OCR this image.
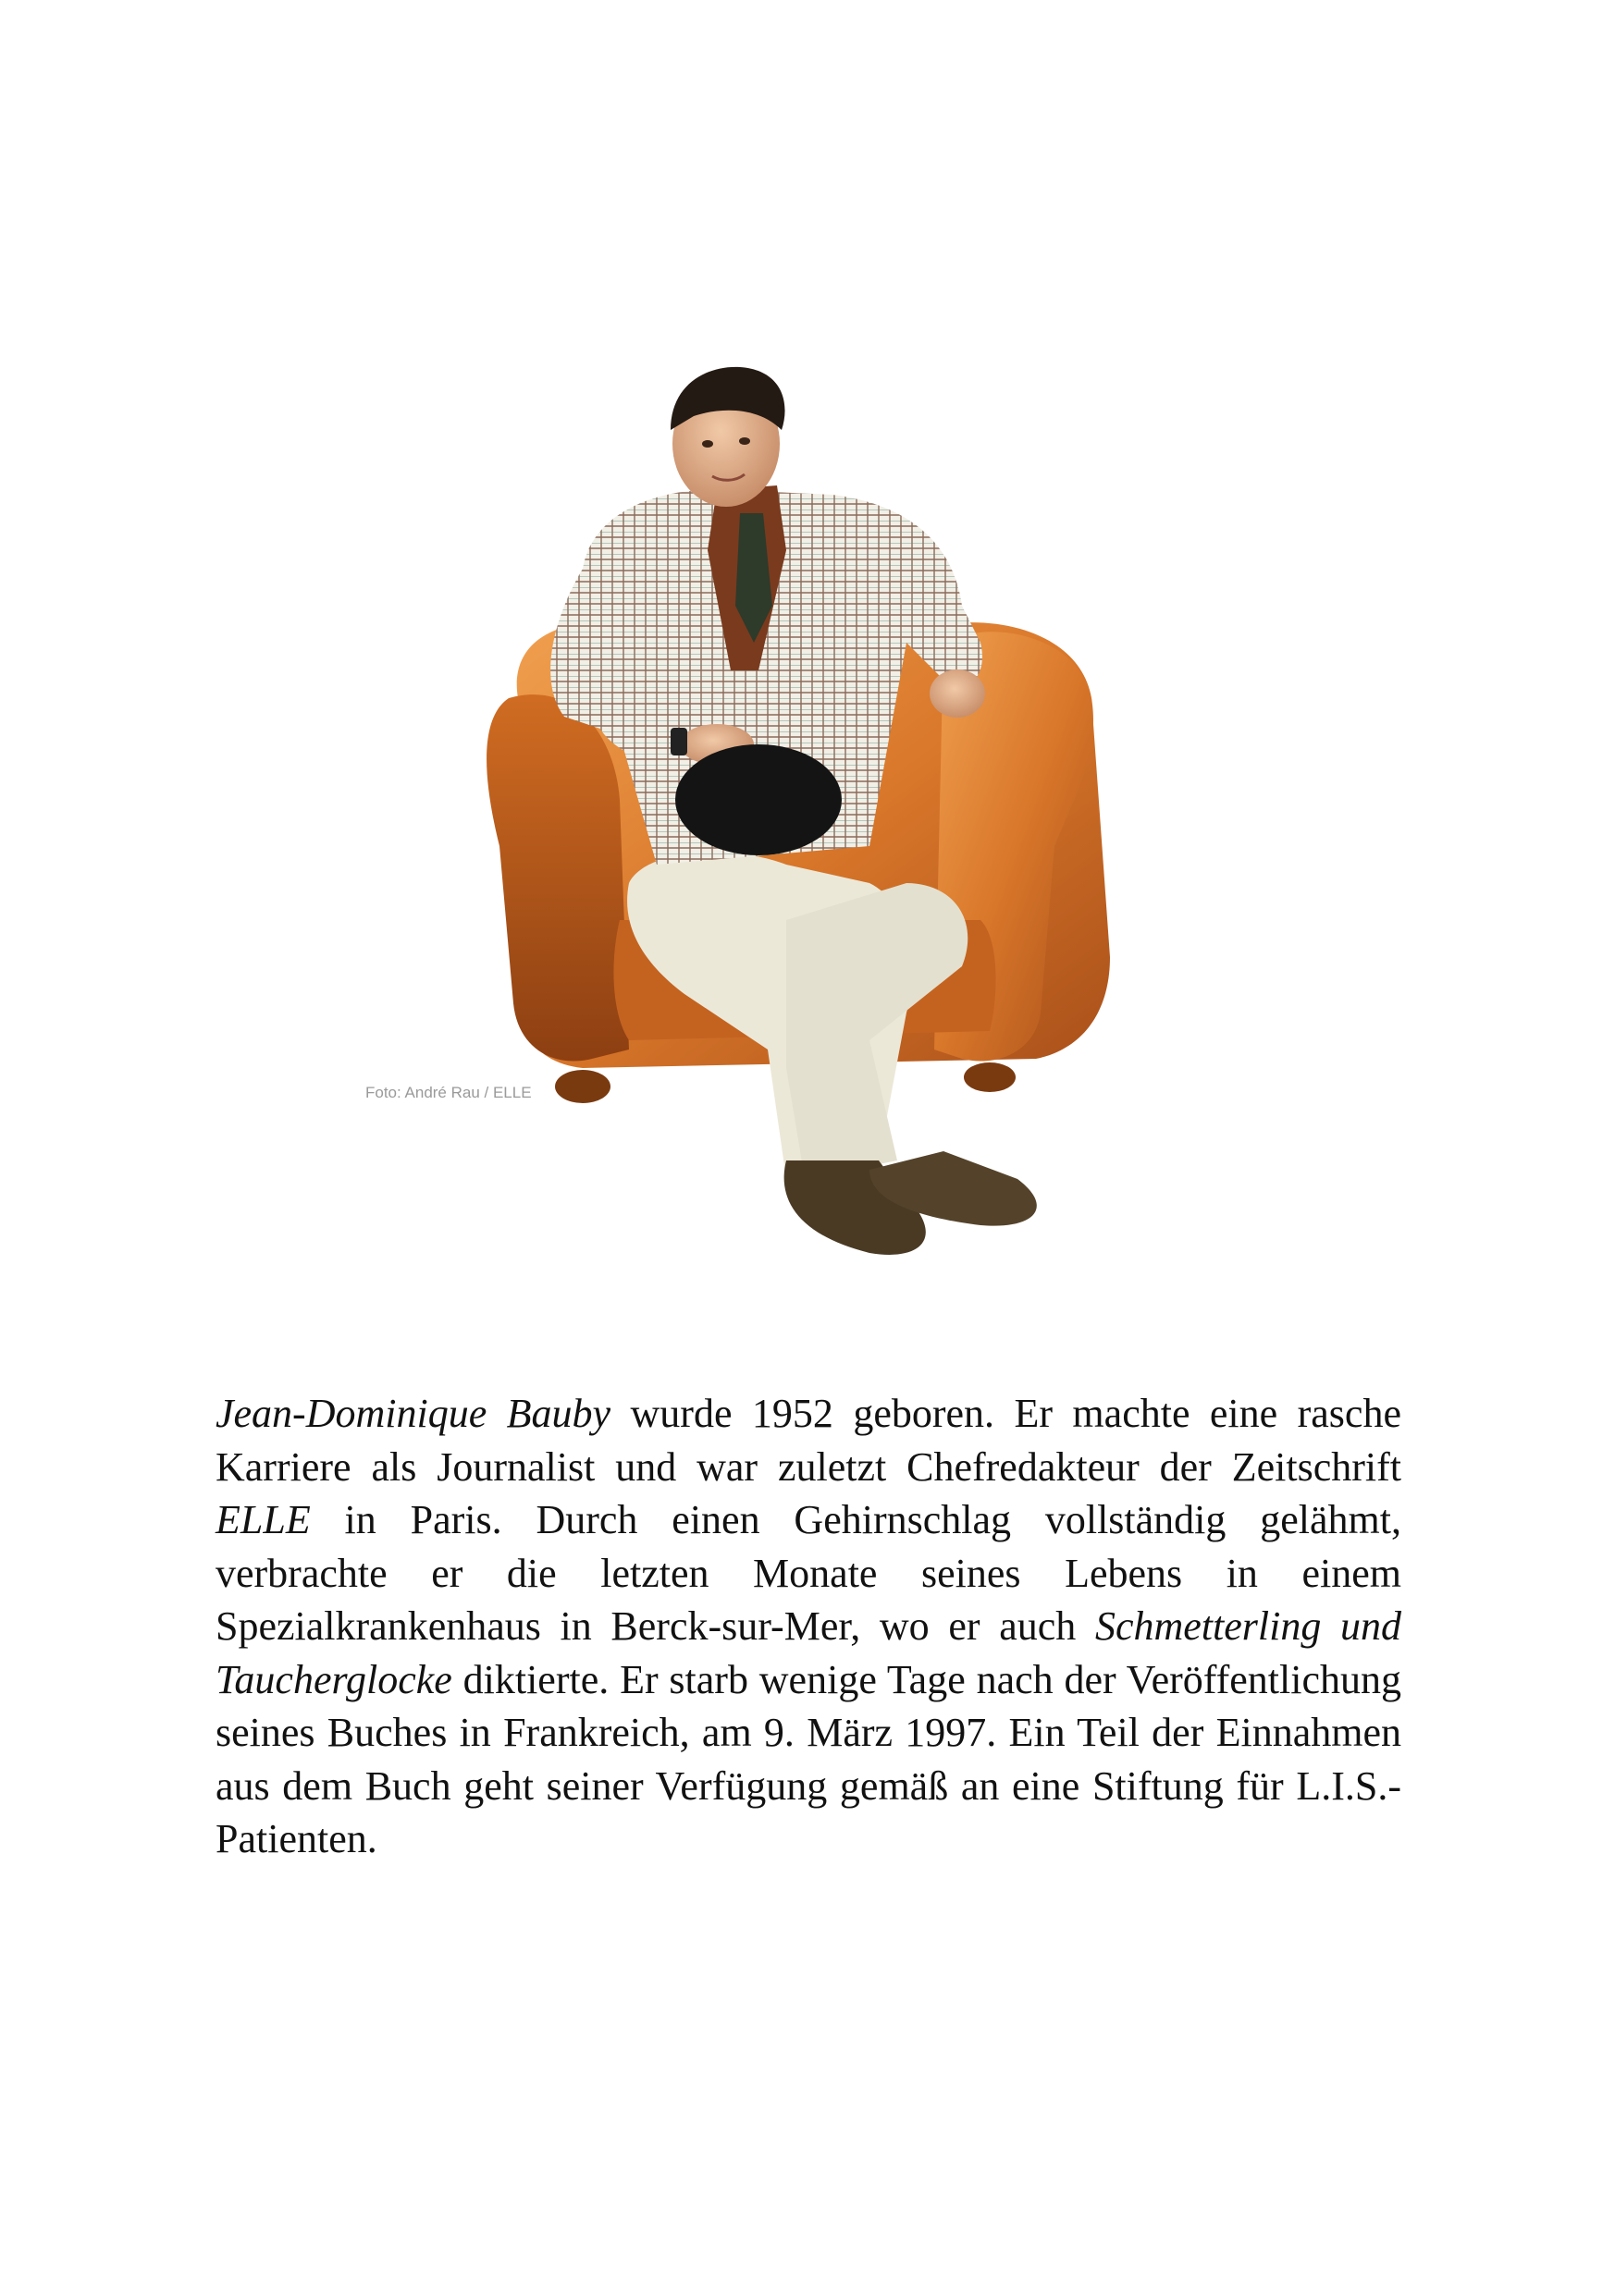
Foto: André Rau / ELLE
Jean-Dominique Bauby wurde 1952 geboren. Er machte eine rasche Karriere als Journalist und war zuletzt Chefredakteur der Zeitschrift ELLE in Paris. Durch einen Gehirnschlag vollständig gelähmt, verbrachte er die letzten Monate seines Lebens in einem Spezialkrankenhaus in Berck-sur-Mer, wo er auch Schmetterling und Taucherglocke diktierte. Er starb wenige Tage nach der Veröffentlichung seines Buches in Frankreich, am 9. März 1997. Ein Teil der Einnahmen aus dem Buch geht seiner Verfügung gemäß an eine Stiftung für L.I.S.-Patienten.
